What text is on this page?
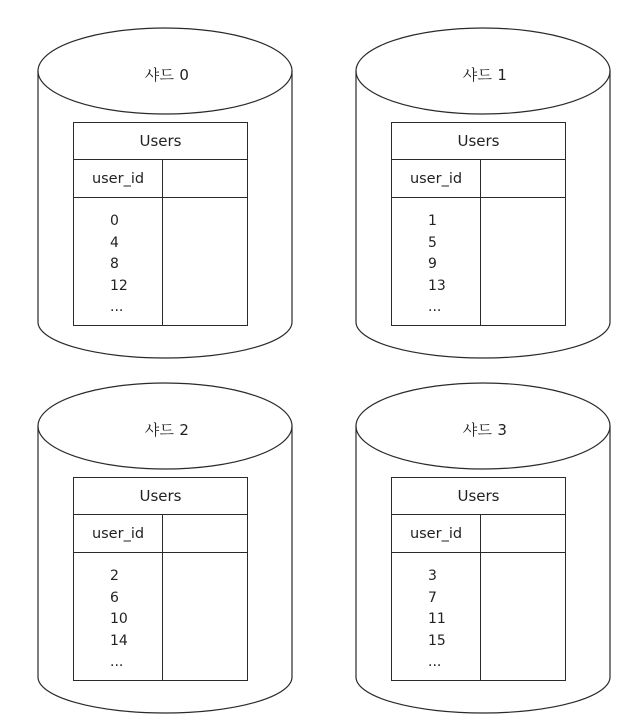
샤드 0
Users
user_id
0
4
8
12
...
샤드 1
Users
user_id
1
5
9
13
...
샤드 2
Users
user_id
2
6
10
14
...
샤드 3
Users
user_id
3
7
11
15
...
